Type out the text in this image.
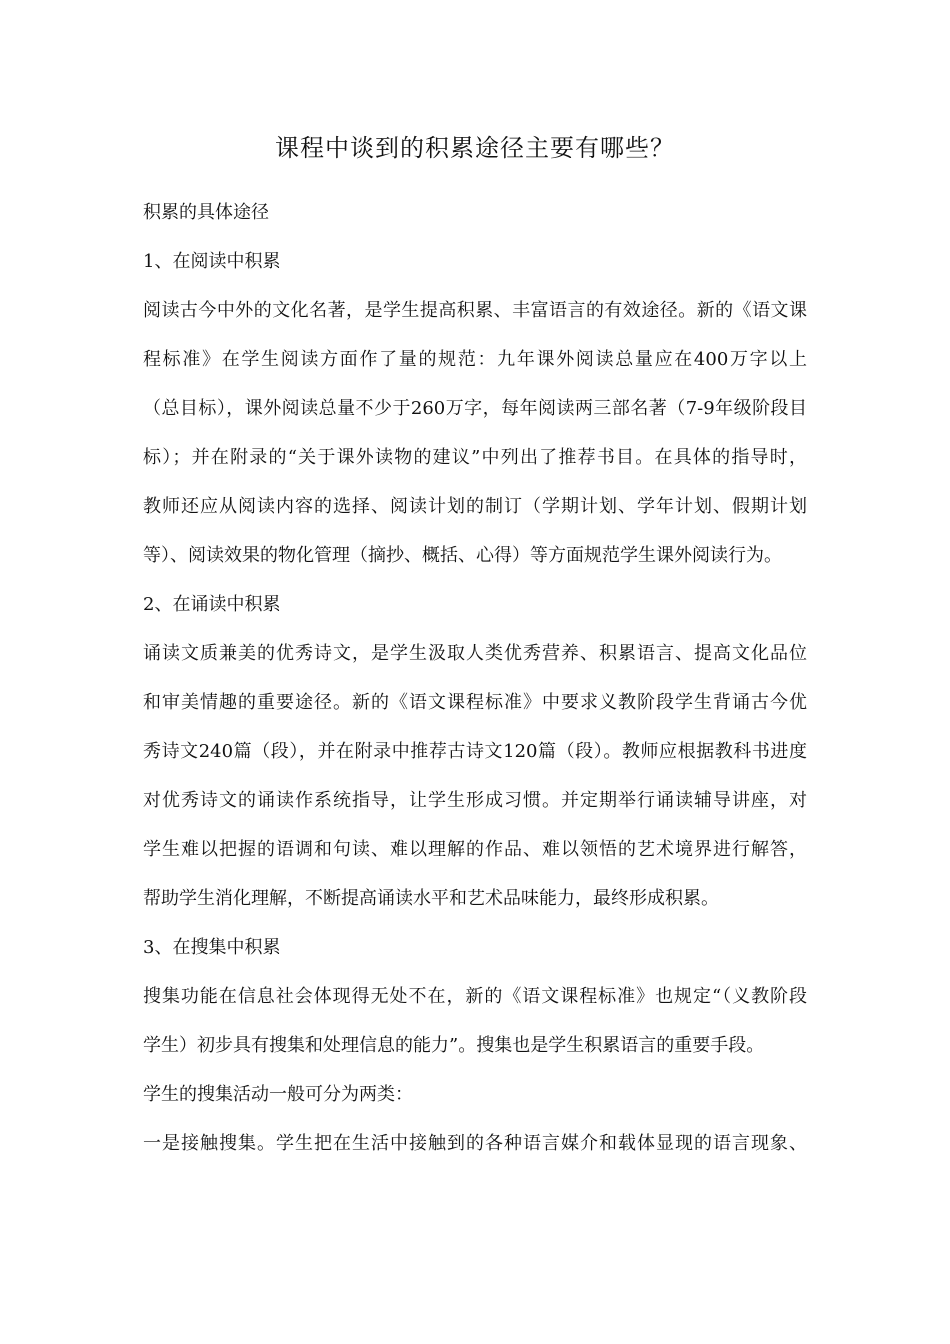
课程中谈到的积累途径主要有哪些？

积累的具体途径

1、在阅读中积累

阅读古今中外的文化名著，是学生提高积累、丰富语言的有效途径。新的《语文课

程标准》在学生阅读方面作了量的规范：九年课外阅读总量应在400万字以上

（总目标），课外阅读总量不少于260万字，每年阅读两三部名著（7-9年级阶段目

标）；并在附录的“关于课外读物的建议”中列出了推荐书目。在具体的指导时，

教师还应从阅读内容的选择、阅读计划的制订（学期计划、学年计划、假期计划

等）、阅读效果的物化管理（摘抄、概括、心得）等方面规范学生课外阅读行为。

2、在诵读中积累

诵读文质兼美的优秀诗文，是学生汲取人类优秀营养、积累语言、提高文化品位

和审美情趣的重要途径。新的《语文课程标准》中要求义教阶段学生背诵古今优

秀诗文240篇（段），并在附录中推荐古诗文120篇（段）。教师应根据教科书进度

对优秀诗文的诵读作系统指导，让学生形成习惯。并定期举行诵读辅导讲座，对

学生难以把握的语调和句读、难以理解的作品、难以领悟的艺术境界进行解答，

帮助学生消化理解，不断提高诵读水平和艺术品味能力，最终形成积累。

3、在搜集中积累

搜集功能在信息社会体现得无处不在，新的《语文课程标准》也规定“（义教阶段

学生）初步具有搜集和处理信息的能力”。搜集也是学生积累语言的重要手段。

学生的搜集活动一般可分为两类：

一是接触搜集。学生把在生活中接触到的各种语言媒介和载体显现的语言现象、
